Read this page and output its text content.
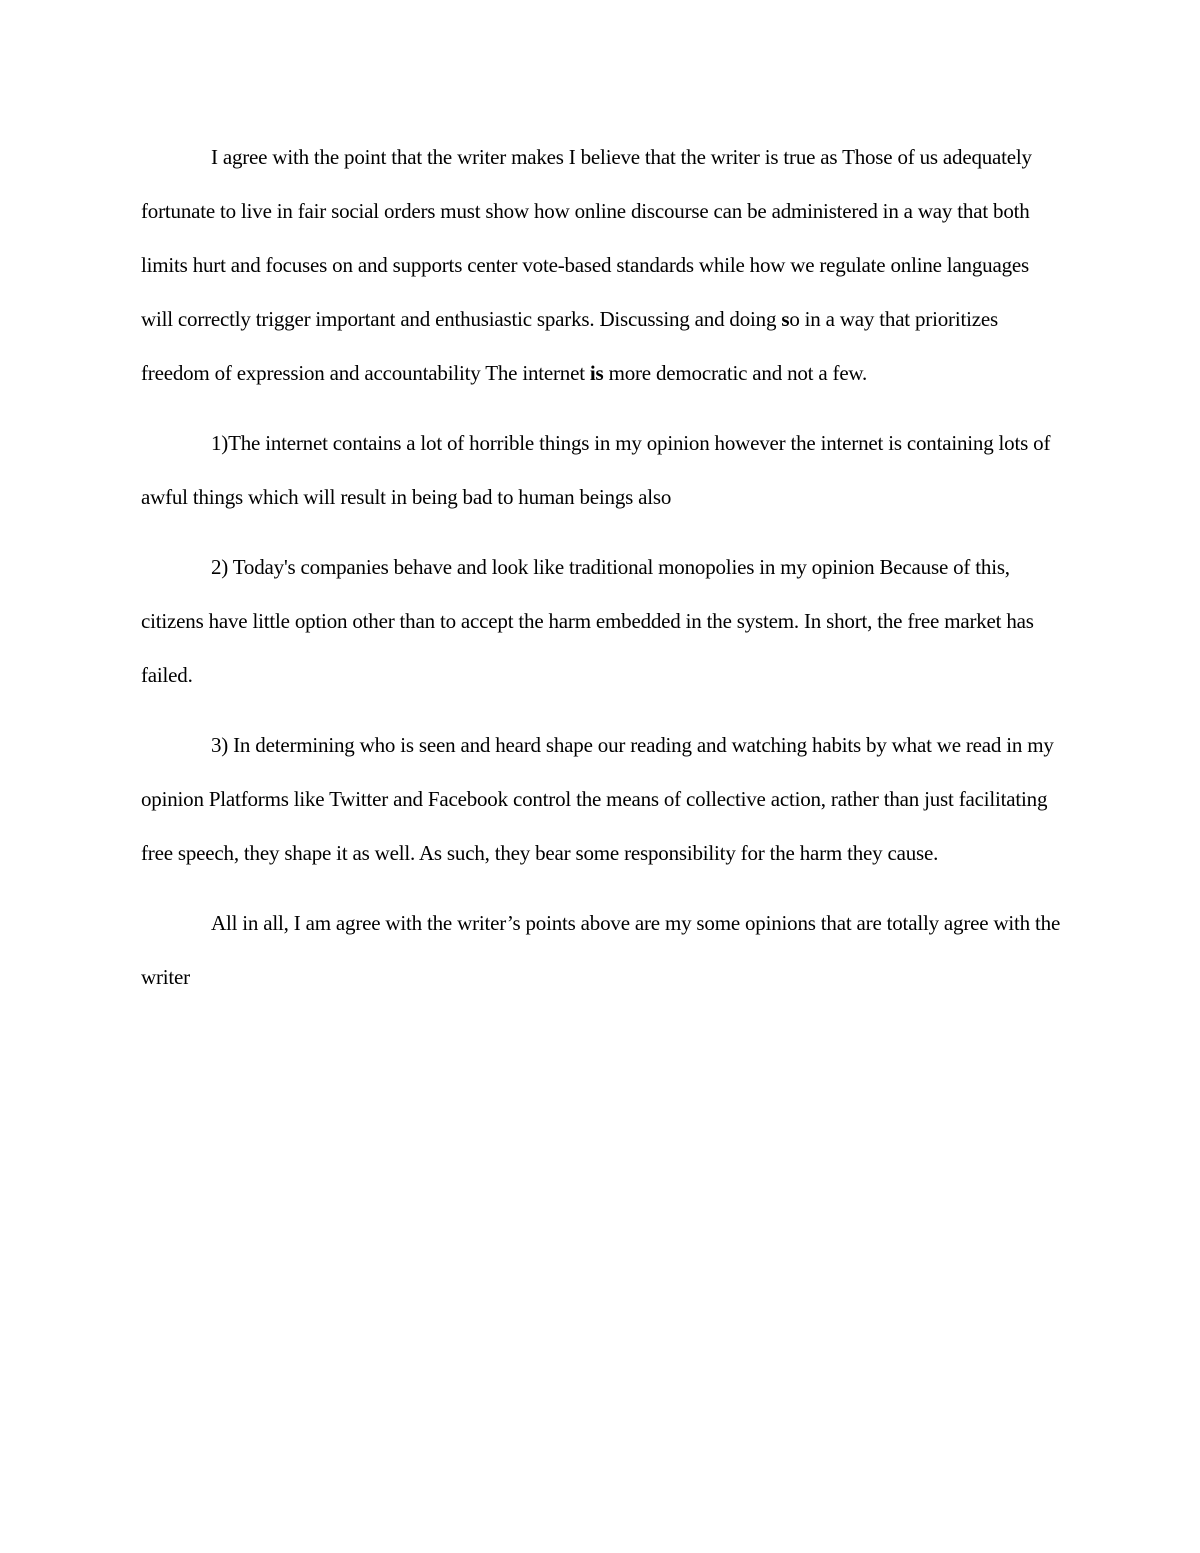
I agree with the point that the writer makes I believe that the writer is true as Those of us adequately fortunate to live in fair social orders must show how online discourse can be administered in a way that both limits hurt and focuses on and supports center vote-based standards while how we regulate online languages will correctly trigger important and enthusiastic sparks. Discussing and doing so in a way that prioritizes freedom of expression and accountability The internet is more democratic and not a few.

1)The internet contains a lot of horrible things in my opinion however the internet is containing lots of awful things which will result in being bad to human beings also

2) Today's companies behave and look like traditional monopolies in my opinion Because of this, citizens have little option other than to accept the harm embedded in the system. In short, the free market has failed.

3) In determining who is seen and heard shape our reading and watching habits by what we read in my opinion Platforms like Twitter and Facebook control the means of collective action, rather than just facilitating free speech, they shape it as well. As such, they bear some responsibility for the harm they cause.

All in all, I am agree with the writer’s points above are my some opinions that are totally agree with the writer
